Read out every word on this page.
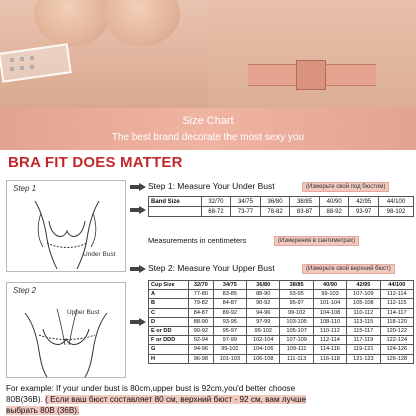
Size Chart
The best brand decorate the most sexy you
BRA FIT DOES MATTER
Step 1
Under Bust
Step 2
Upper Bust
Step 1: Measure Your Under Bust	(Измерьте свой под бюстом)
Band Size	32/70	34/75	36/80	38/85	40/90	42/95	44/100
	68-72	73-77	78-82	83-87	88-92	93-97	98-102
Measurements in centimeters	(Измерения в сантиметрах)
Step 2: Measure Your Upper Bust	(Измерьте свой верхний бюст)
Cup Size	32/70	34/75	36/80	38/85	40/90	42/95	44/100
A	77-80	83-85	88-90	93-95	99-103	107-109	112-114
B	79-82	84-87	90-92	95-97	101-104	105-108	112-115
C	84-87	89-92	94-96	99-102	104-108	110-112	114-117
D	88-90	93-95	97-99	103-105	108-110	113-115	118-120
E or DD	90-92	95-97	99-102	105-107	110-112	115-117	120-122
F or DDD	92-94	97-99	102-104	107-109	112-114	117-119	122-124
G	94-96	99-101	104-106	109-111	114-116	119-121	124-126
H	96-98	101-103	106-108	111-113	116-118	121-123	126-128
For example: If your under bust is 80cm,upper bust is 92cm,you'd better choose
80B(36B). ( Если ваш бюст составляет 80 см, верхний бюст - 92 см, вам лучше
выбрать 80B (36B).
